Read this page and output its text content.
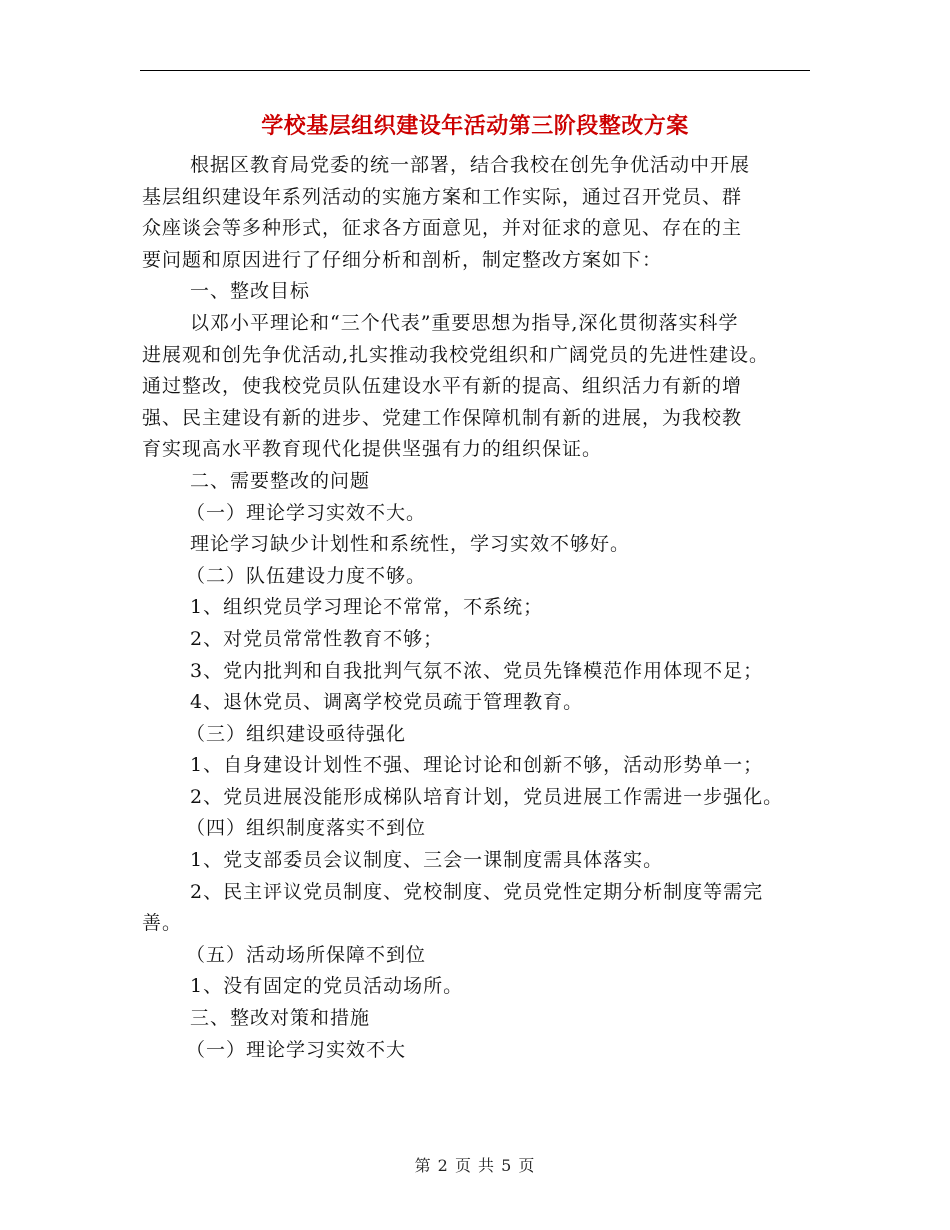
学校基层组织建设年活动第三阶段整改方案
根据区教育局党委的统一部署，结合我校在创先争优活动中开展
基层组织建设年系列活动的实施方案和工作实际，通过召开党员、群
众座谈会等多种形式，征求各方面意见，并对征求的意见、存在的主
要问题和原因进行了仔细分析和剖析，制定整改方案如下：
一、整改目标
以邓小平理论和“三个代表”重要思想为指导,深化贯彻落实科学
进展观和创先争优活动,扎实推动我校党组织和广阔党员的先进性建设。
通过整改，使我校党员队伍建设水平有新的提高、组织活力有新的增
强、民主建设有新的进步、党建工作保障机制有新的进展，为我校教
育实现高水平教育现代化提供坚强有力的组织保证。
二、需要整改的问题
（一）理论学习实效不大。
理论学习缺少计划性和系统性，学习实效不够好。
（二）队伍建设力度不够。
1、组织党员学习理论不常常，不系统；
2、对党员常常性教育不够；
3、党内批判和自我批判气氛不浓、党员先锋模范作用体现不足；
4、退休党员、调离学校党员疏于管理教育。
（三）组织建设亟待强化
1、自身建设计划性不强、理论讨论和创新不够，活动形势单一；
2、党员进展没能形成梯队培育计划，党员进展工作需进一步强化。
（四）组织制度落实不到位
1、党支部委员会议制度、三会一课制度需具体落实。
2、民主评议党员制度、党校制度、党员党性定期分析制度等需完
善。
（五）活动场所保障不到位
1、没有固定的党员活动场所。
三、整改对策和措施
（一）理论学习实效不大
第 2 页 共 5 页
